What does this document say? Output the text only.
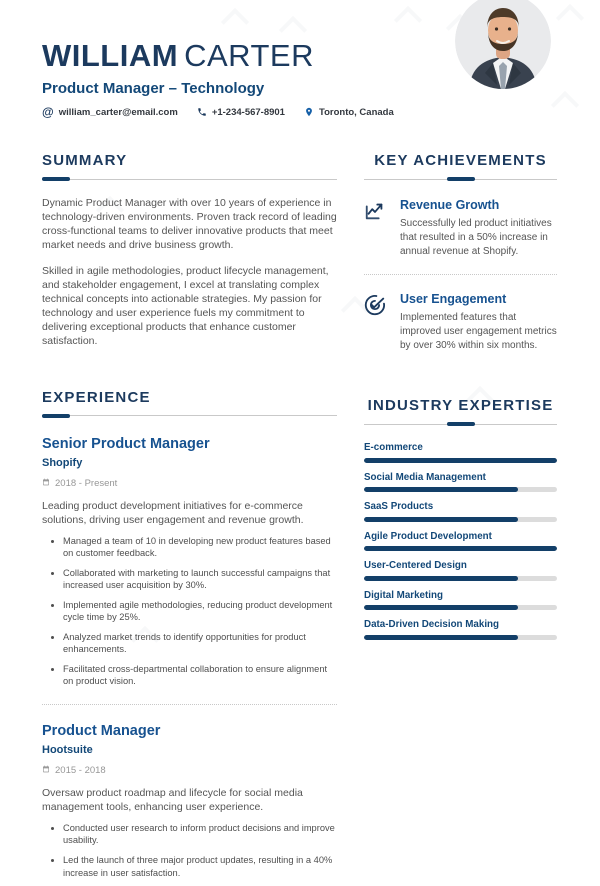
WILLIAM CARTER
Product Manager – Technology
@ william_carter@email.com	+1-234-567-8901	Toronto, Canada
SUMMARY

Dynamic Product Manager with over 10 years of experience in technology-driven environments. Proven track record of leading cross-functional teams to deliver innovative products that meet market needs and drive business growth.

Skilled in agile methodologies, product lifecycle management, and stakeholder engagement, I excel at translating complex technical concepts into actionable strategies. My passion for technology and user experience fuels my commitment to delivering exceptional products that enhance customer satisfaction.

EXPERIENCE
Senior Product Manager
Shopify
2018 - Present

Leading product development initiatives for e-commerce solutions, driving user engagement and revenue growth.

• Managed a team of 10 in developing new product features based on customer feedback.
• Collaborated with marketing to launch successful campaigns that increased user acquisition by 30%.
• Implemented agile methodologies, reducing product development cycle time by 25%.
• Analyzed market trends to identify opportunities for product enhancements.
• Facilitated cross-departmental collaboration to ensure alignment on product vision.
Product Manager
Hootsuite
2015 - 2018

Oversaw product roadmap and lifecycle for social media management tools, enhancing user experience.

• Conducted user research to inform product decisions and improve usability.
• Led the launch of three major product updates, resulting in a 40% increase in user satisfaction.
KEY ACHIEVEMENTS
Revenue Growth
Successfully led product initiatives that resulted in a 50% increase in annual revenue at Shopify.
User Engagement
Implemented features that improved user engagement metrics by over 30% within six months.
INDUSTRY EXPERTISE
E-commerce
Social Media Management
SaaS Products
Agile Product Development
User-Centered Design
Digital Marketing
Data-Driven Decision Making
